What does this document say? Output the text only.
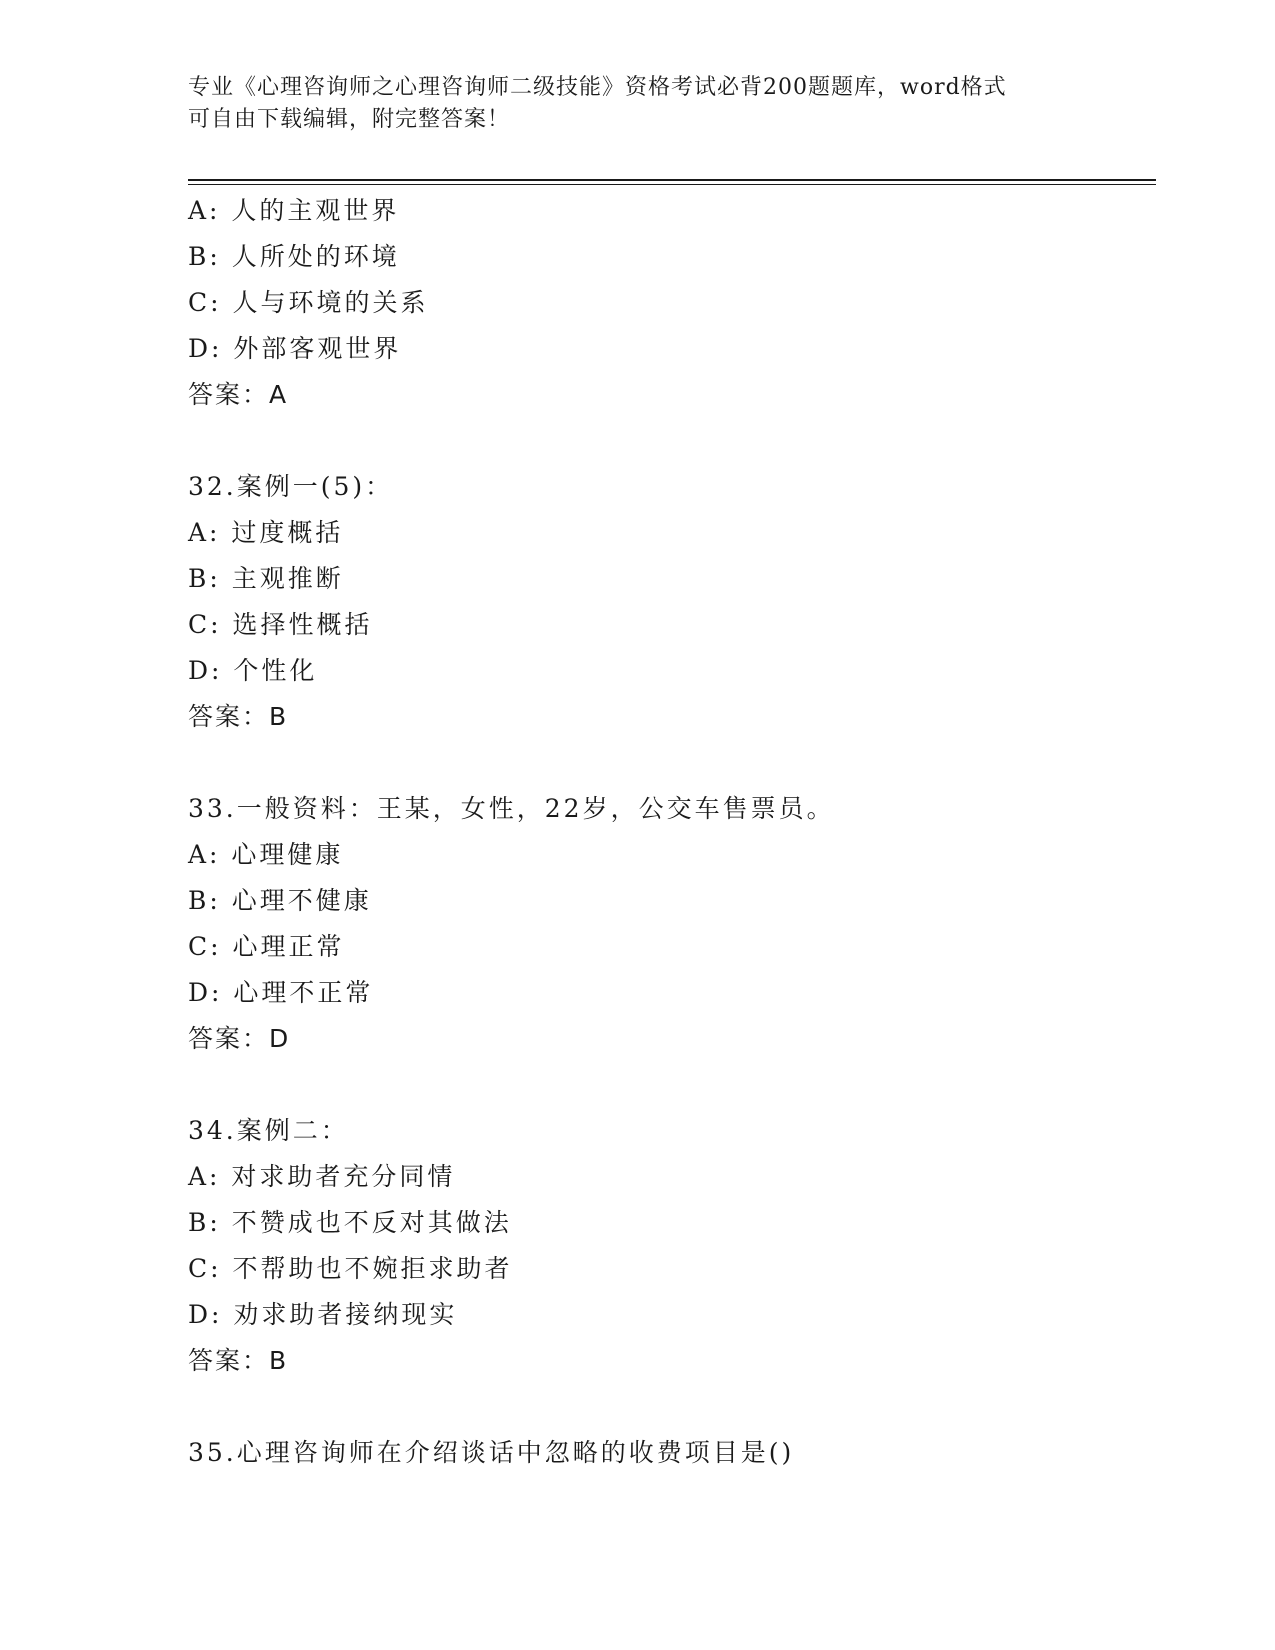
专业《心理咨询师之心理咨询师二级技能》资格考试必背200题题库，word格式
可自由下载编辑，附完整答案！
A: 人的主观世界
B: 人所处的环境
C: 人与环境的关系
D: 外部客观世界
答案：A
32.案例一(5)：
A: 过度概括
B: 主观推断
C: 选择性概括
D: 个性化
答案：B
33.一般资料：王某，女性，22岁，公交车售票员。
A: 心理健康
B: 心理不健康
C: 心理正常
D: 心理不正常
答案：D
34.案例二：
A: 对求助者充分同情
B: 不赞成也不反对其做法
C: 不帮助也不婉拒求助者
D: 劝求助者接纳现实
答案：B
35.心理咨询师在介绍谈话中忽略的收费项目是()
